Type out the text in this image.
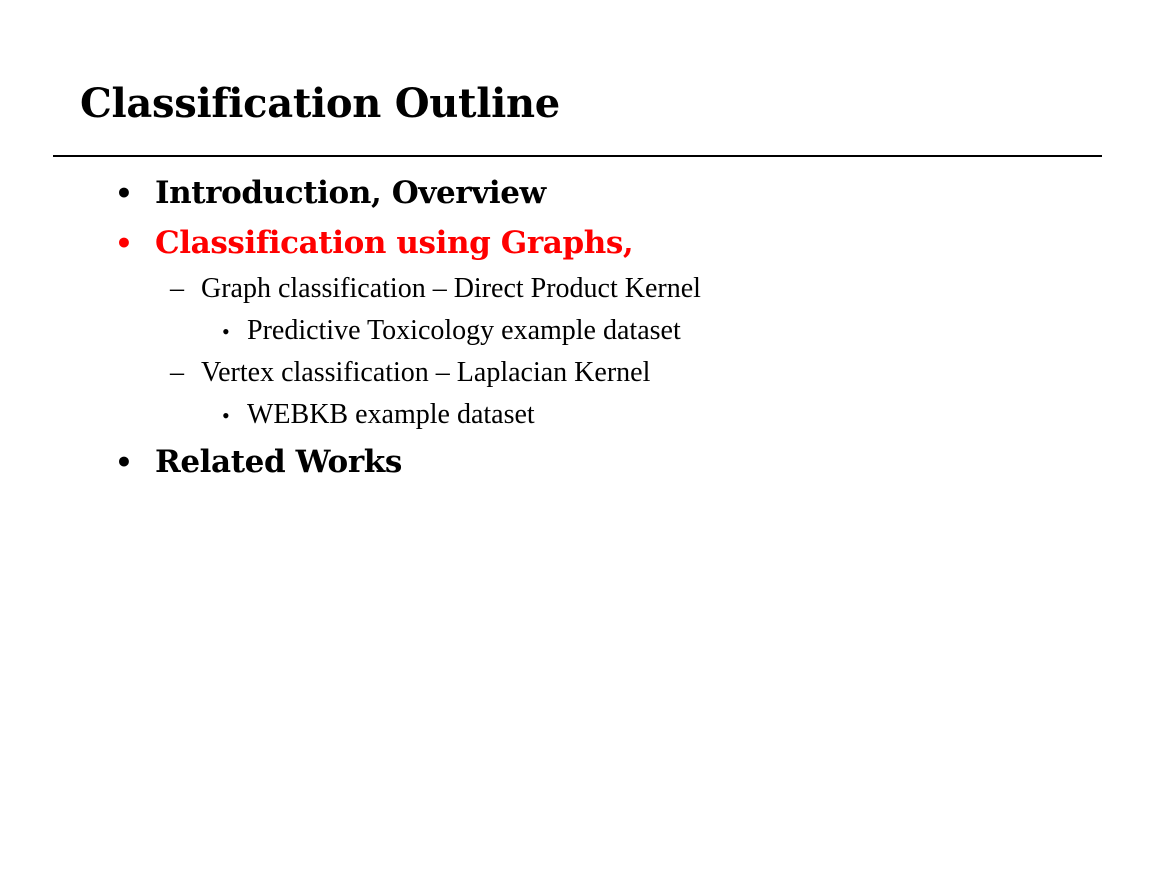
Classification Outline
• Introduction, Overview
• Classification using Graphs,
– Graph classification – Direct Product Kernel
• Predictive Toxicology example dataset
– Vertex classification – Laplacian Kernel
• WEBKB example dataset
• Related Works
